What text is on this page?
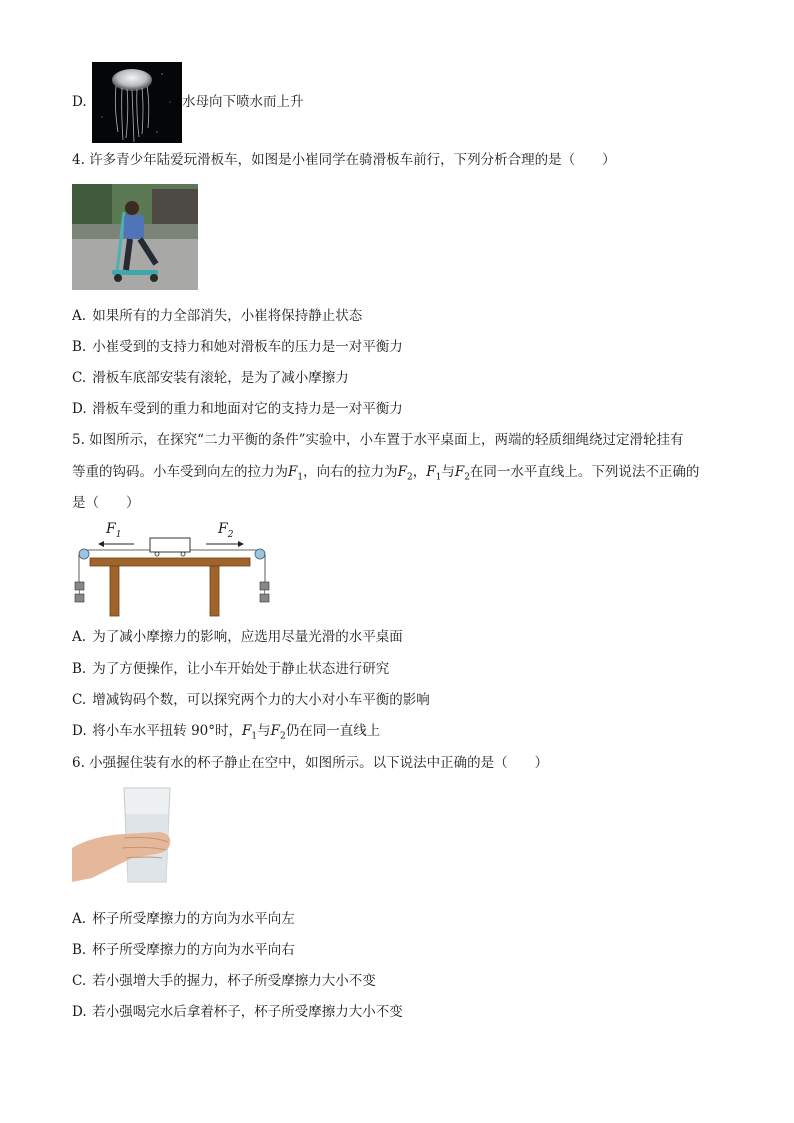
D.	水母向下喷水而上升
4. 许多青少年陆爱玩滑板车，如图是小崔同学在骑滑板车前行，下列分析合理的是（　　）
A. 如果所有的力全部消失，小崔将保持静止状态
B. 小崔受到的支持力和她对滑板车的压力是一对平衡力
C. 滑板车底部安装有滚轮，是为了减小摩擦力
D. 滑板车受到的重力和地面对它的支持力是一对平衡力
5. 如图所示，在探究“二力平衡的条件”实验中，小车置于水平桌面上，两端的轻质细绳绕过定滑轮挂有
等重的钩码。小车受到向左的拉力为$F_1$，向右的拉力为$F_2$，$F_1$与$F_2$在同一水平直线上。下列说法不正确的
是（　　）
$F_1$	$F_2$
A. 为了减小摩擦力的影响，应选用尽量光滑的水平桌面
B. 为了方便操作，让小车开始处于静止状态进行研究
C. 增减钩码个数，可以探究两个力的大小对小车平衡的影响
D. 将小车水平扭转 90°时，$F_1$与$F_2$仍在同一直线上
6. 小强握住装有水的杯子静止在空中，如图所示。以下说法中正确的是（　　）
A. 杯子所受摩擦力的方向为水平向左
B. 杯子所受摩擦力的方向为水平向右
C. 若小强增大手的握力，杯子所受摩擦力大小不变
D. 若小强喝完水后拿着杯子，杯子所受摩擦力大小不变
